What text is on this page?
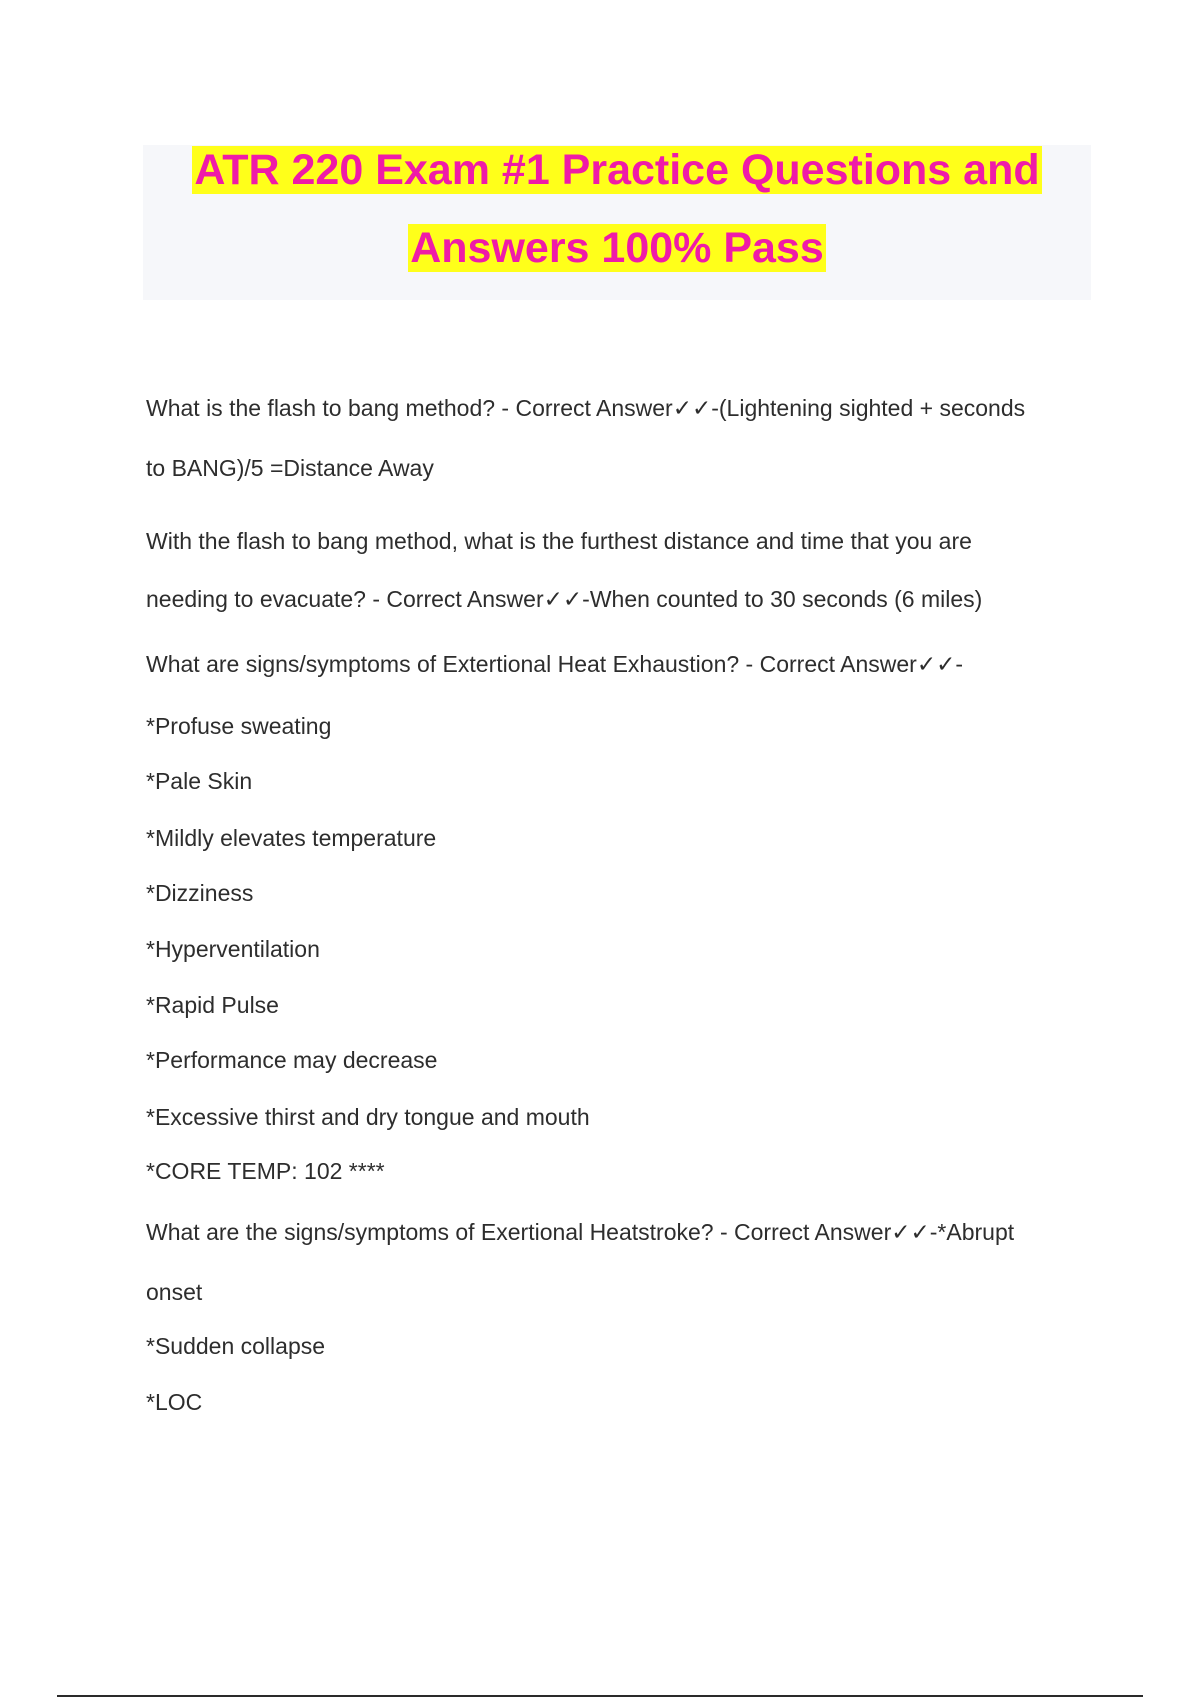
ATR 220 Exam #1 Practice Questions and
Answers 100% Pass
What is the flash to bang method? - Correct Answer✓✓-(Lightening sighted + seconds
to BANG)/5 =Distance Away
With the flash to bang method, what is the furthest distance and time that you are
needing to evacuate? - Correct Answer✓✓-When counted to 30 seconds (6 miles)
What are signs/symptoms of Extertional Heat Exhaustion? - Correct Answer✓✓-
*Profuse sweating
*Pale Skin
*Mildly elevates temperature
*Dizziness
*Hyperventilation
*Rapid Pulse
*Performance may decrease
*Excessive thirst and dry tongue and mouth
*CORE TEMP: 102 ****
What are the signs/symptoms of Exertional Heatstroke? - Correct Answer✓✓-*Abrupt
onset
*Sudden collapse
*LOC
